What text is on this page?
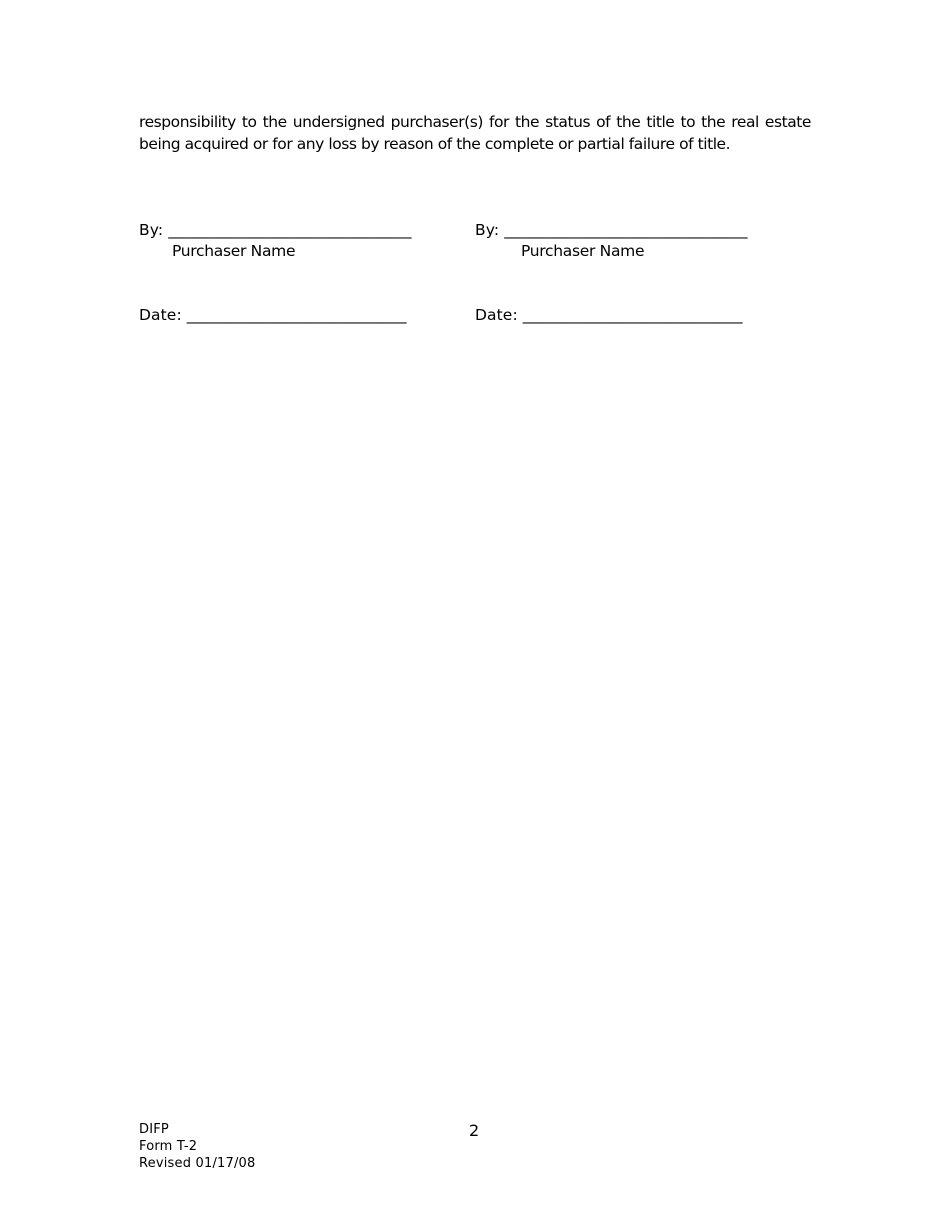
responsibility to the undersigned purchaser(s) for the status of the title to the real estate
being acquired or for any loss by reason of the complete or partial failure of title.
By: _______________________________
Purchaser Name
Date: ____________________________
By: _______________________________
Purchaser Name
Date: ____________________________
DIFP
Form T-2
Revised 01/17/08
2
